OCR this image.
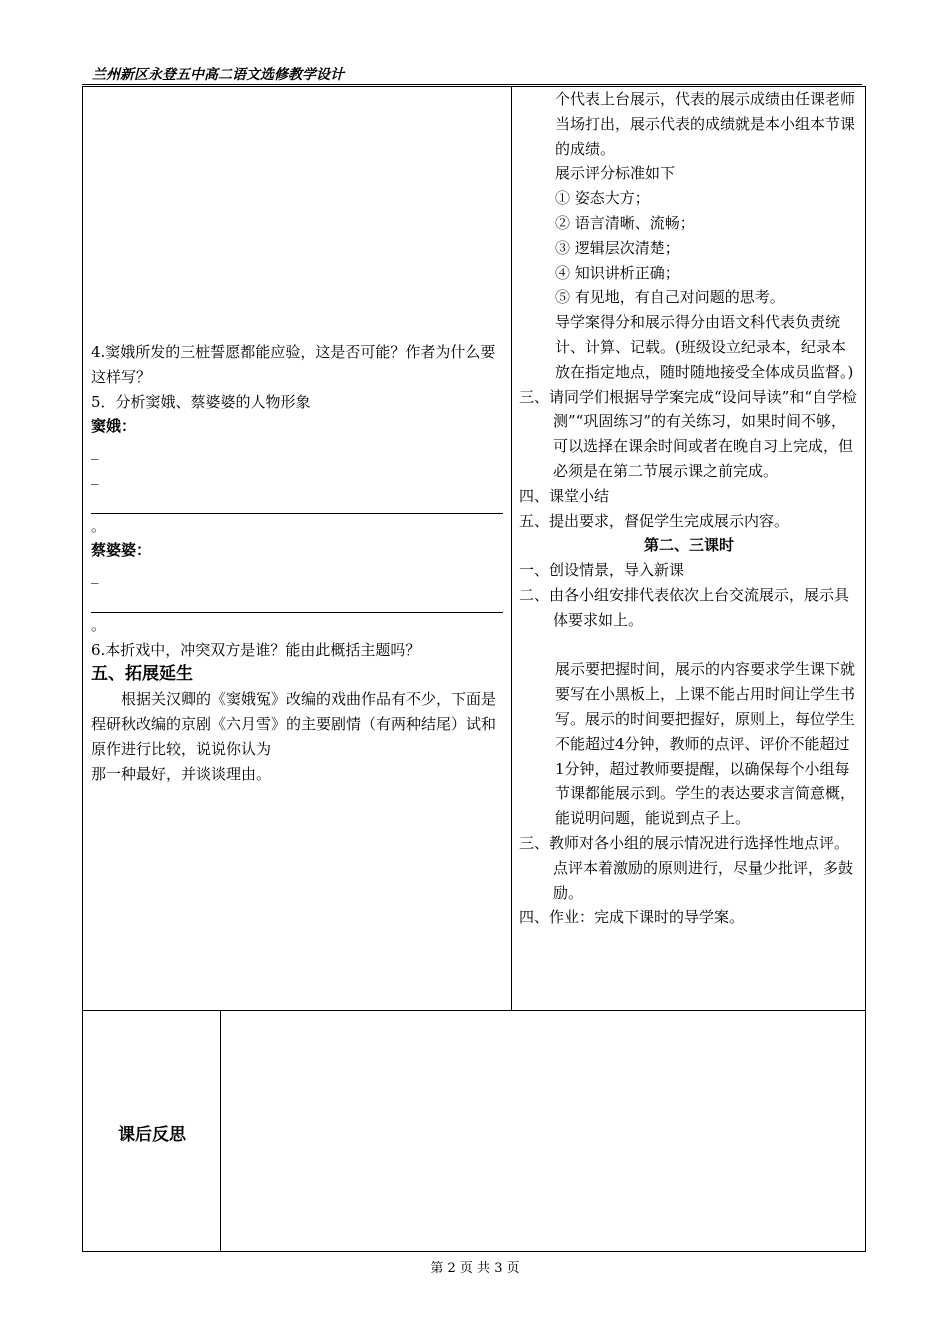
兰州新区永登五中高二语文选修教学设计

4.窦娥所发的三桩誓愿都能应验，这是否可能？作者为什么要这样写？

5．分析窦娥、蔡婆婆的人物形象

窦娥：

_
_

。

蔡婆婆：

_

。

6.本折戏中，冲突双方是谁？能由此概括主题吗？

五、拓展延生

根据关汉卿的《窦娥冤》改编的戏曲作品有不少，下面是程研秋改编的京剧《六月雪》的主要剧情（有两种结尾）试和原作进行比较，说说你认为

那一种最好，并谈谈理由。

个代表上台展示，代表的展示成绩由任课老师当场打出，展示代表的成绩就是本小组本节课的成绩。

展示评分标准如下

① 姿态大方；

② 语言清晰、流畅；

③ 逻辑层次清楚；

④ 知识讲析正确；

⑤ 有见地，有自己对问题的思考。

导学案得分和展示得分由语文科代表负责统计、计算、记载。(班级设立纪录本，纪录本放在指定地点，随时随地接受全体成员监督。)

三、请同学们根据导学案完成“设问导读”和“自学检测”“巩固练习”的有关练习，如果时间不够，可以选择在课余时间或者在晚自习上完成，但必须是在第二节展示课之前完成。

四、课堂小结

五、提出要求，督促学生完成展示内容。

第二、三课时

一、创设情景，导入新课

二、由各小组安排代表依次上台交流展示，展示具体要求如上。

展示要把握时间，展示的内容要求学生课下就要写在小黑板上，上课不能占用时间让学生书写。展示的时间要把握好，原则上，每位学生不能超过4分钟，教师的点评、评价不能超过1分钟，超过教师要提醒，以确保每个小组每节课都能展示到。学生的表达要求言简意概，能说明问题，能说到点子上。

三、教师对各小组的展示情况进行选择性地点评。点评本着激励的原则进行，尽量少批评，多鼓励。

四、作业：完成下课时的导学案。

课后反思
第 2 页 共 3 页
